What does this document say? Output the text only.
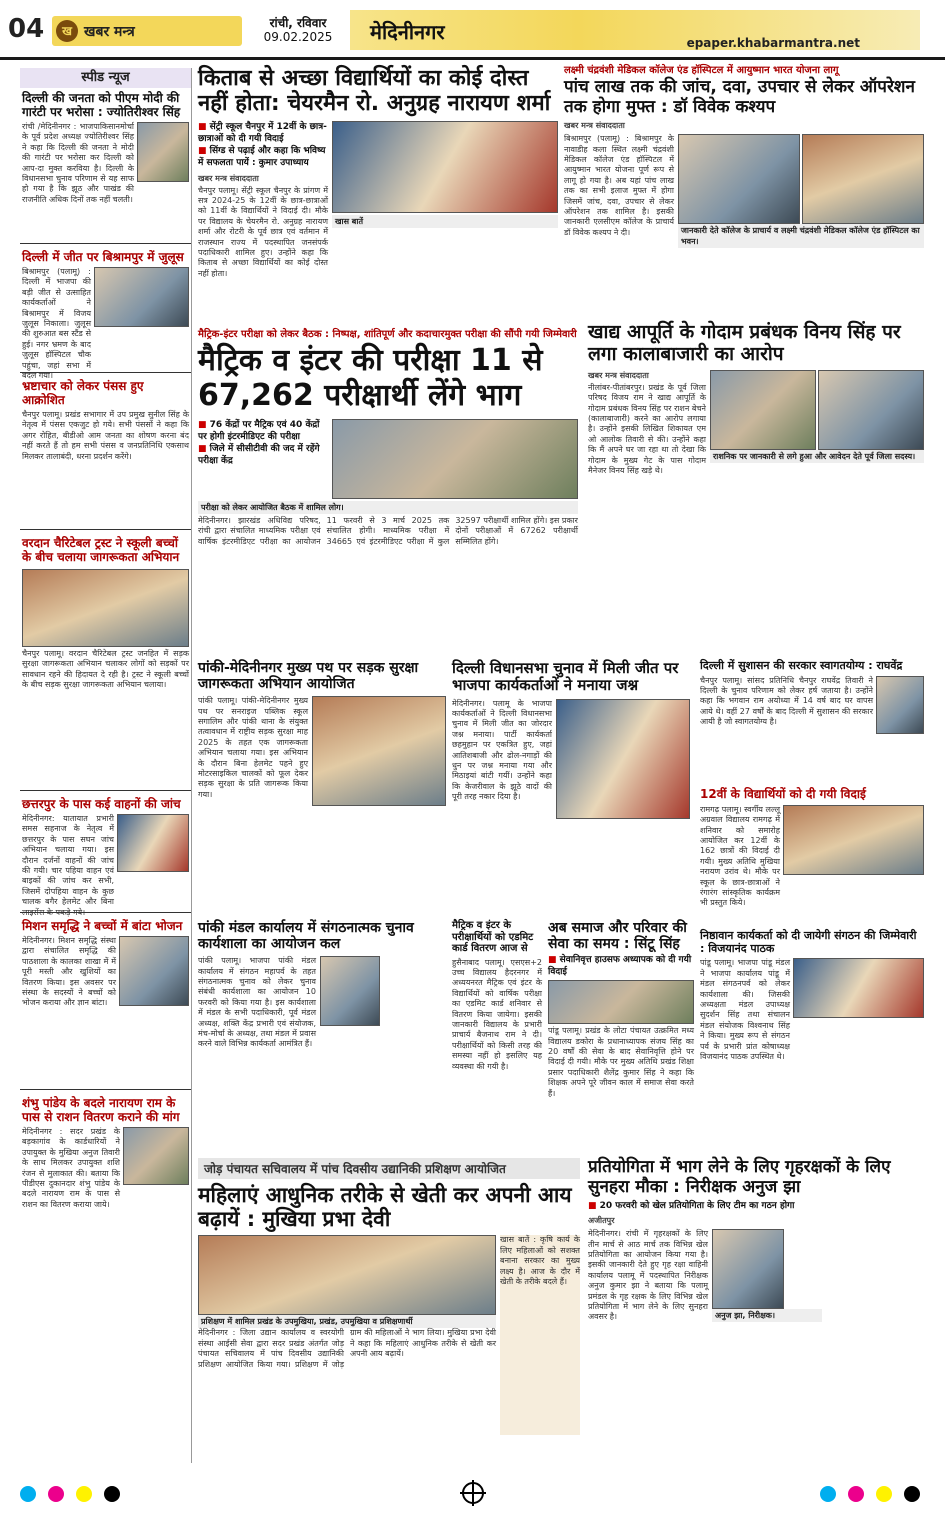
04	ख खबर मन्त्र
रांची, रविवार
09.02.2025	मेदिनीनगर	epaper.khabarmantra.net
स्पीड न्यूज
दिल्ली की जनता को पीएम मोदी की गारंटी पर भरोसा : ज्योतिरीश्वर सिंह
रांची /मेदिनीनगर : भाजपाकिसानमोर्चा के पूर्व प्रदेश अध्यक्ष ज्योतिरीश्वर सिंह ने कहा कि दिल्ली की जनता ने मोदी की गारंटी पर भरोसा कर दिल्ली को आप-दा मुक्त करविया है। दिल्ली के विधानसभा चुनाव परिणाम से यह साफ हो गया है कि झूठ और पाखंड की राजनीति अधिक दिनों तक नहीं चलती।
दिल्ली में जीत पर बिश्रामपुर में जुलूस
बिश्रामपुर (पलामू) : दिल्ली में भाजपा की बड़ी जीत से उत्साहित कार्यकर्ताओं ने बिश्रामपुर में विजय जुलूस निकाला। जुलूस की शुरुआत बस स्टैंड से हुई। नगर भ्रमण के बाद जुलूस हॉस्पिटल चौक पहुंचा, जहां सभा में बदल गया।
भ्रष्टाचार को लेकर पंसस हुए आक्रोशित
चैनपुर पलामू। प्रखंड सभागार में उप प्रमुख सुनील सिंह के नेतृत्व में पंसस एकजुट हो गये। सभी पंससों ने कहा कि अगर रोहित, बीडीओ आम जनता का शोषण करना बंद नहीं करते हैं तो हम सभी पंसस व जनप्रतिनिधि एकसाथ मिलकर तालाबंदी, धरना प्रदर्शन करेंगे।
वरदान चैरिटेबल ट्रस्ट ने स्कूली बच्चों के बीच चलाया जागरूकता अभियान
चैनपुर पलामू। वरदान चैरिटेबल ट्रस्ट जनहित में सड़क सुरक्षा जागरूकता अभियान चलाकर लोगों को सड़कों पर सावधान रहने की हिदायत दे रही है। ट्रस्ट ने स्कूली बच्चों के बीच सड़क सुरक्षा जागरूकता अभियान चलाया।
छत्तरपुर के पास कई वाहनों की जांच
मेदिनीनगर: यातायात प्रभारी समस सहनाज के नेतृत्व में छत्तरपुर के पास सघन जांच अभियान चलाया गया। इस दौरान दर्जनों वाहनों की जांच की गयी। चार पहिया वाहन एवं बाइकों की जांच कर सभी, जिसमें दोपहिया वाहन के कुछ चालक बगैर हेलमेट और बिना लाइसेंस के पकड़े गये।
मिशन समृद्धि ने बच्चों में बांटा भोजन
मेदिनीनगर। मिशन समृद्धि संस्था द्वारा संचालित समृद्धि की पाठशाला के कालका शाखा में में पूरी मस्ती और खुशियों का वितरण किया। इस अवसर पर संस्था के सदस्यों ने बच्चों को भोजन कराया और ज्ञान बांटा।
शंभु पांडेय के बदले नारायण राम के पास से राशन वितरण कराने की मांग
मेदिनीनगर : सदर प्रखंड के बड़कागांव के कार्डधारियों ने उपायुक्त के मुखिया अनुज तिवारी के साथ मिलकर उपायुक्त शशि रंजन से मुलाकात की। बताया कि पीडीएस दुकानदार शंभु पांडेय के बदले नारायण राम के पास से राशन का वितरण कराया जाये।
किताब से अच्छा विद्यार्थियों का कोई दोस्त नहीं होता: चेयरमैन रो. अनुग्रह नारायण शर्मा
■ सेंट्री स्कूल चैनपुर में 12वीं के छात्र-छात्राओं को दी गयी विदाई
■ सिंग्ड से पढ़ाई और कहा कि भविष्य में सफलता पायें : कुमार उपाध्याय
खबर मन्त्र संवाददाता
चैनपुर पलामू। सेंट्री स्कूल चैनपुर के प्रांगण में सत्र 2024-25 के 12वीं के छात्र-छात्राओं को 11वीं के विद्यार्थियों ने विदाई दी। मौके पर विद्यालय के चेयरमैन रो. अनुग्रह नारायण शर्मा और रोटरी के पूर्व छात्र एवं वर्तमान में राजस्थान राज्य में पदस्थापित जनसंपर्क पदाधिकारी शामिल हुए। उन्होंने कहा कि किताब से अच्छा विद्यार्थियों का कोई दोस्त नहीं होता।
खास बातें
लक्ष्मी चंद्रवंशी मेडिकल कॉलेज एंड हॉस्पिटल में आयुष्मान भारत योजना लागू
पांच लाख तक की जांच, दवा, उपचार से लेकर ऑपरेशन तक होगा मुफ्त : डॉ विवेक कश्यप
खबर मन्त्र संवाददाता
बिश्रामपुर (पलामू) : बिश्रामपुर के नावाडीह कला स्थित लक्ष्मी चंद्रवंशी मेडिकल कॉलेज एंड हॉस्पिटल में आयुष्मान भारत योजना पूर्ण रूप से लागू हो गया है। अब यहां पांच लाख तक का सभी इलाज मुफ्त में होगा जिसमें जांच, दवा, उपचार से लेकर ऑपरेशन तक शामिल है। इसकी जानकारी एलसीएम कॉलेज के प्राचार्य डॉ विवेक कश्यप ने दी।	जानकारी देते कॉलेज के प्राचार्य व लक्ष्मी चंद्रवंशी मेडिकल कॉलेज एंड हॉस्पिटल का भवन।
मैट्रिक-इंटर परीक्षा को लेकर बैठक : निष्पक्ष, शांतिपूर्ण और कदाचारमुक्त परीक्षा की सौंपी गयी जिम्मेवारी
मैट्रिक व इंटर की परीक्षा 11 से 67,262 परीक्षार्थी लेंगे भाग
■ 76 केंद्रों पर मैट्रिक एवं 40 केंद्रों पर होगी इंटरमीडिएट की परीक्षा
■ जिले में सीसीटीवी की जद में रहेंगे परीक्षा केंद्र
परीक्षा को लेकर आयोजित बैठक में शामिल लोग।
मेदिनीनगर। झारखंड अधिविद्य परिषद, रांची द्वारा संचालित माध्यमिक परीक्षा एवं वार्षिक इंटरमीडिएट परीक्षा का आयोजन 11 फरवरी से 3 मार्च 2025 तक संचालित होगी। माध्यमिक परीक्षा में 34665 एवं इंटरमीडिएट परीक्षा में कुल 32597 परीक्षार्थी शामिल होंगे। इस प्रकार दोनों परीक्षाओं में 67262 परीक्षार्थी सम्मिलित होंगे।
खाद्य आपूर्ति के गोदाम प्रबंधक विनय सिंह पर लगा कालाबाजारी का आरोप
खबर मन्त्र संवाददाता
नीलांबर-पीतांबरपुर। प्रखंड के पूर्व जिला परिषद विजय राम ने खाद्य आपूर्ति के गोदाम प्रबंधक विनय सिंह पर राशन बेचने (कालाबाजारी) करने का आरोप लगाया है। उन्होंने इसकी लिखित शिकायत एम ओ आलोक तिवारी से की। उन्होंने कहा कि मैं अपने घर जा रहा था तो देखा कि गोदाम के मुख्य गेट के पास गोदाम मैनेजर विनय सिंह खड़े थे।
राशनिक पर जानकारी से लगे हुआ और आवेदन देते पूर्व जिला सदस्य।
पांकी-मेदिनीनगर मुख्य पथ पर सड़क सुरक्षा जागरूकता अभियान आयोजित
पांकी पलामू। पांकी-मेदिनीनगर मुख्य पथ पर सनराइज पब्लिक स्कूल सगालिम और पांकी थाना के संयुक्त तत्वावधान में राष्ट्रीय सड़क सुरक्षा माह 2025 के तहत एक जागरूकता अभियान चलाया गया। इस अभियान के दौरान बिना हेलमेट पहने हुए मोटरसाइकिल चालकों को फूल देकर सड़क सुरक्षा के प्रति जागरूक किया गया।
दिल्ली विधानसभा चुनाव में मिली जीत पर भाजपा कार्यकर्ताओं ने मनाया जश्न
मेदिनीनगर। पलामू के भाजपा कार्यकर्ताओं ने दिल्ली विधानसभा चुनाव में मिली जीत का जोरदार जश्न मनाया। पार्टी कार्यकर्ता छहमुहान पर एकत्रित हुए, जहां आतिशबाजी और ढोल-नगाड़ों की धुन पर जश्न मनाया गया और मिठाइयां बांटी गयीं। उन्होंने कहा कि केजरीवाल के झूठे वादों की पूरी तरह नकार दिया है।
दिल्ली में सुशासन की सरकार स्वागतयोग्य : राघवेंद्र
चैनपुर पलामू। सांसद प्रतिनिधि चैनपुर राघवेंद्र तिवारी ने दिल्ली के चुनाव परिणाम को लेकर हर्ष जताया है। उन्होंने कहा कि भगवान राम अयोध्या में 14 वर्ष बाद घर वापस आये थे। वहीं 27 वर्षों के बाद दिल्ली में सुशासन की सरकार आयी है जो स्वागतयोग्य है।
12वीं के विद्यार्थियों को दी गयी विदाई
रामगढ़ पलामू। स्वर्गीय लल्लू अग्रवाल विद्यालय रामगढ़ में शनिवार को समारोह आयोजित कर 12वीं के 162 छात्रों की विदाई दी गयी। मुख्य अतिथि मुखिया नरायण उरांव थे। मौके पर स्कूल के छात्र-छात्राओं ने रंगारंग सांस्कृतिक कार्यक्रम भी प्रस्तुत किये।
पांकी मंडल कार्यालय में संगठनात्मक चुनाव कार्यशाला का आयोजन कल
पांकी पलामू। भाजपा पांकी मंडल कार्यालय में संगठन महापर्व के तहत संगठनात्मक चुनाव को लेकर चुनाव संबंधी कार्यशाला का आयोजन 10 फरवरी को किया गया है। इस कार्यशाला में मंडल के सभी पदाधिकारी, पूर्व मंडल अध्यक्ष, शक्ति केंद्र प्रभारी एवं संयोजक, मंच-मोर्चा के अध्यक्ष, तथा मंडल में प्रवास करने वाले विभिन्न कार्यकर्ता आमंत्रित हैं।
मैट्रिक व इंटर के परीक्षार्थियों को एडमिट कार्ड वितरण आज से
हुसैनाबाद पलामू। एसएस+2 उच्च विद्यालय हैदरनगर में अध्ययनरत मैट्रिक एवं इंटर के विद्यार्थियों को वार्षिक परीक्षा का एडमिट कार्ड शनिवार से वितरण किया जायेगा। इसकी जानकारी विद्यालय के प्रभारी प्राचार्य बैजनाथ राम ने दी। परीक्षार्थियों को किसी तरह की समस्या नहीं हो इसलिए यह व्यवस्था की गयी है।
अब समाज और परिवार की सेवा का समय : सिंटू सिंह
■ सेवानिवृत्त हाउसफ अध्यापक को दी गयी विदाई
पांडू पलामू। प्रखंड के लोटा पंचायत उत्क्रमित मध्य विद्यालय डकोरा के प्रधानाध्यापक संजय सिंह का 20 वर्षों की सेवा के बाद सेवानिवृत्ति होने पर विदाई दी गयी। मौके पर मुख्य अतिथि प्रखंड शिक्षा प्रसार पदाधिकारी शैलेंद्र कुमार सिंह ने कहा कि शिक्षक अपने पूरे जीवन काल में समाज सेवा करते हैं।
निष्ठावान कार्यकर्ता को दी जायेगी संगठन की जिम्मेवारी : विजयानंद पाठक
पांडू पलामू। भाजपा पांडू मंडल ने भाजपा कार्यालय पांडू में मंडल संगठनपर्व को लेकर कार्यशाला की। जिसकी अध्यक्षता मंडल उपाध्यक्ष सुदर्शन सिंह तथा संचालन मंडल संयोजक विश्वनाथ सिंह ने किया। मुख्य रूप से संगठन पर्व के प्रभारी प्रांत कोषाध्यक्ष विजयानंद पाठक उपस्थित थे।
जोड़ पंचायत सचिवालय में पांच दिवसीय उद्यानिकी प्रशिक्षण आयोजित
महिलाएं आधुनिक तरीके से खेती कर अपनी आय बढ़ायें : मुखिया प्रभा देवी
प्रशिक्षण में शामिल प्रखंड के उपमुखिया, प्रखंड, उपमुखिया व प्रशिक्षणार्थी
मेदिनीनगर : जिला उद्यान कार्यालय व स्वरयोगी संस्था आईसी सेवा द्वारा सदर प्रखंड अंतर्गत जोड़ पंचायत सचिवालय में पांच दिवसीय उद्यानिकी प्रशिक्षण आयोजित किया गया। प्रशिक्षण में जोड़ ग्राम की महिलाओं ने भाग लिया। मुखिया प्रभा देवी ने कहा कि महिलाएं आधुनिक तरीके से खेती कर अपनी आय बढ़ायें।
खास बातें : कृषि कार्य के लिए महिलाओं को सशक्त बनाना सरकार का मुख्य लक्ष्य है। आज के दौर में खेती के तरीके बदले हैं।
प्रतियोगिता में भाग लेने के लिए गृहरक्षकों के लिए सुनहरा मौका : निरीक्षक अनुज झा
■ 20 फरवरी को खेल प्रतियोगिता के लिए टीम का गठन होगा
अजीतपुर
मेदिनीनगर। रांची में गृहरक्षकों के लिए तीन मार्च से आठ मार्च तक विभिन्न खेल प्रतियोगिता का आयोजन किया गया है। इसकी जानकारी देते हुए गृह रक्षा वाहिनी कार्यालय पलामू में पदस्थापित निरीक्षक अनुज कुमार झा ने बताया कि पलामू प्रमंडल के गृह रक्षक के लिए विभिन्न खेल प्रतियोगिता में भाग लेने के लिए सुनहरा अवसर है।	अनुज झा, निरीक्षक।
